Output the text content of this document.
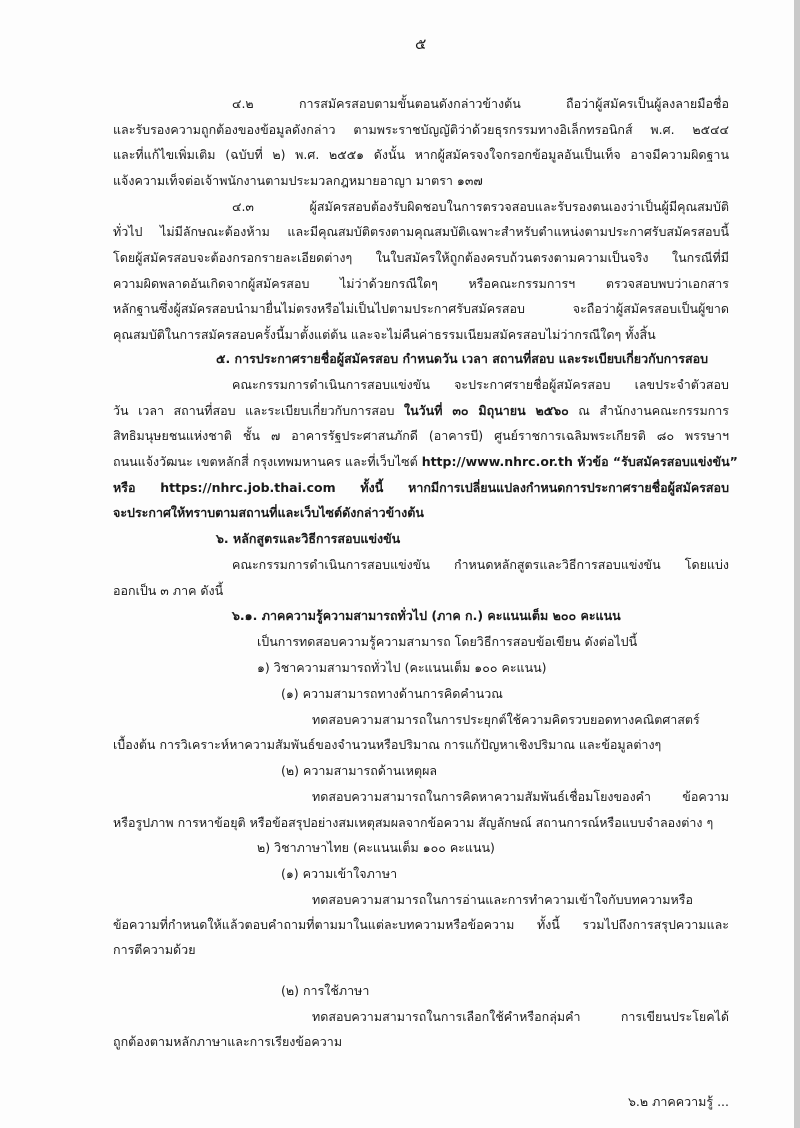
๕

๔.๒ การสมัครสอบตามขั้นตอนดังกล่าวข้างต้น ถือว่าผู้สมัครเป็นผู้ลงลายมือชื่อ

และรับรองความถูกต้องของข้อมูลดังกล่าว ตามพระราชบัญญัติว่าด้วยธุรกรรมทางอิเล็กทรอนิกส์ พ.ศ. ๒๕๔๔

และที่แก้ไขเพิ่มเติม (ฉบับที่ ๒) พ.ศ. ๒๕๕๑ ดังนั้น หากผู้สมัครจงใจกรอกข้อมูลอันเป็นเท็จ อาจมีความผิดฐาน

แจ้งความเท็จต่อเจ้าพนักงานตามประมวลกฎหมายอาญา มาตรา ๑๓๗

๔.๓ ผู้สมัครสอบต้องรับผิดชอบในการตรวจสอบและรับรองตนเองว่าเป็นผู้มีคุณสมบัติ

ทั่วไป ไม่มีลักษณะต้องห้าม และมีคุณสมบัติตรงตามคุณสมบัติเฉพาะสำหรับตำแหน่งตามประกาศรับสมัครสอบนี้

โดยผู้สมัครสอบจะต้องกรอกรายละเอียดต่างๆ ในใบสมัครให้ถูกต้องครบถ้วนตรงตามความเป็นจริง ในกรณีที่มี

ความผิดพลาดอันเกิดจากผู้สมัครสอบ ไม่ว่าด้วยกรณีใดๆ หรือคณะกรรมการฯ ตรวจสอบพบว่าเอกสาร

หลักฐานซึ่งผู้สมัครสอบนำมายื่นไม่ตรงหรือไม่เป็นไปตามประกาศรับสมัครสอบ จะถือว่าผู้สมัครสอบเป็นผู้ขาด

คุณสมบัติในการสมัครสอบครั้งนี้มาตั้งแต่ต้น และจะไม่คืนค่าธรรมเนียมสมัครสอบไม่ว่ากรณีใดๆ ทั้งสิ้น

๕. การประกาศรายชื่อผู้สมัครสอบ กำหนดวัน เวลา สถานที่สอบ และระเบียบเกี่ยวกับการสอบ

คณะกรรมการดำเนินการสอบแข่งขัน จะประกาศรายชื่อผู้สมัครสอบ เลขประจำตัวสอบ

วัน เวลา สถานที่สอบ และระเบียบเกี่ยวกับการสอบ ในวันที่ ๓๐ มิถุนายน ๒๕๖๐ ณ สำนักงานคณะกรรมการ

สิทธิมนุษยชนแห่งชาติ ชั้น ๗ อาคารรัฐประศาสนภักดี (อาคารบี) ศูนย์ราชการเฉลิมพระเกียรติ ๘๐ พรรษาฯ

ถนนแจ้งวัฒนะ เขตหลักสี่ กรุงเทพมหานคร และที่เว็บไซต์ http://www.nhrc.or.th หัวข้อ “รับสมัครสอบแข่งขัน”

หรือ https://nhrc.job.thai.com ทั้งนี้ หากมีการเปลี่ยนแปลงกำหนดการประกาศรายชื่อผู้สมัครสอบ

จะประกาศให้ทราบตามสถานที่และเว็บไซต์ดังกล่าวข้างต้น

๖. หลักสูตรและวิธีการสอบแข่งขัน

คณะกรรมการดำเนินการสอบแข่งขัน กำหนดหลักสูตรและวิธีการสอบแข่งขัน โดยแบ่ง

ออกเป็น ๓ ภาค ดังนี้

๖.๑. ภาคความรู้ความสามารถทั่วไป (ภาค ก.) คะแนนเต็ม ๒๐๐ คะแนน

เป็นการทดสอบความรู้ความสามารถ โดยวิธีการสอบข้อเขียน ดังต่อไปนี้

๑) วิชาความสามารถทั่วไป (คะแนนเต็ม ๑๐๐ คะแนน)

(๑) ความสามารถทางด้านการคิดคำนวณ

ทดสอบความสามารถในการประยุกต์ใช้ความคิดรวบยอดทางคณิตศาสตร์

เบื้องต้น การวิเคราะห์หาความสัมพันธ์ของจำนวนหรือปริมาณ การแก้ปัญหาเชิงปริมาณ และข้อมูลต่างๆ

(๒) ความสามารถด้านเหตุผล

ทดสอบความสามารถในการคิดหาความสัมพันธ์เชื่อมโยงของคำ ข้อความ

หรือรูปภาพ การหาข้อยุติ หรือข้อสรุปอย่างสมเหตุสมผลจากข้อความ สัญลักษณ์ สถานการณ์หรือแบบจำลองต่าง ๆ

๒) วิชาภาษาไทย (คะแนนเต็ม ๑๐๐ คะแนน)

(๑) ความเข้าใจภาษา

ทดสอบความสามารถในการอ่านและการทำความเข้าใจกับบทความหรือ

ข้อความที่กำหนดให้แล้วตอบคำถามที่ตามมาในแต่ละบทความหรือข้อความ ทั้งนี้ รวมไปถึงการสรุปความและ

การตีความด้วย

(๒) การใช้ภาษา

ทดสอบความสามารถในการเลือกใช้คำหรือกลุ่มคำ การเขียนประโยคได้

ถูกต้องตามหลักภาษาและการเรียงข้อความ

๖.๒ ภาคความรู้ ...
